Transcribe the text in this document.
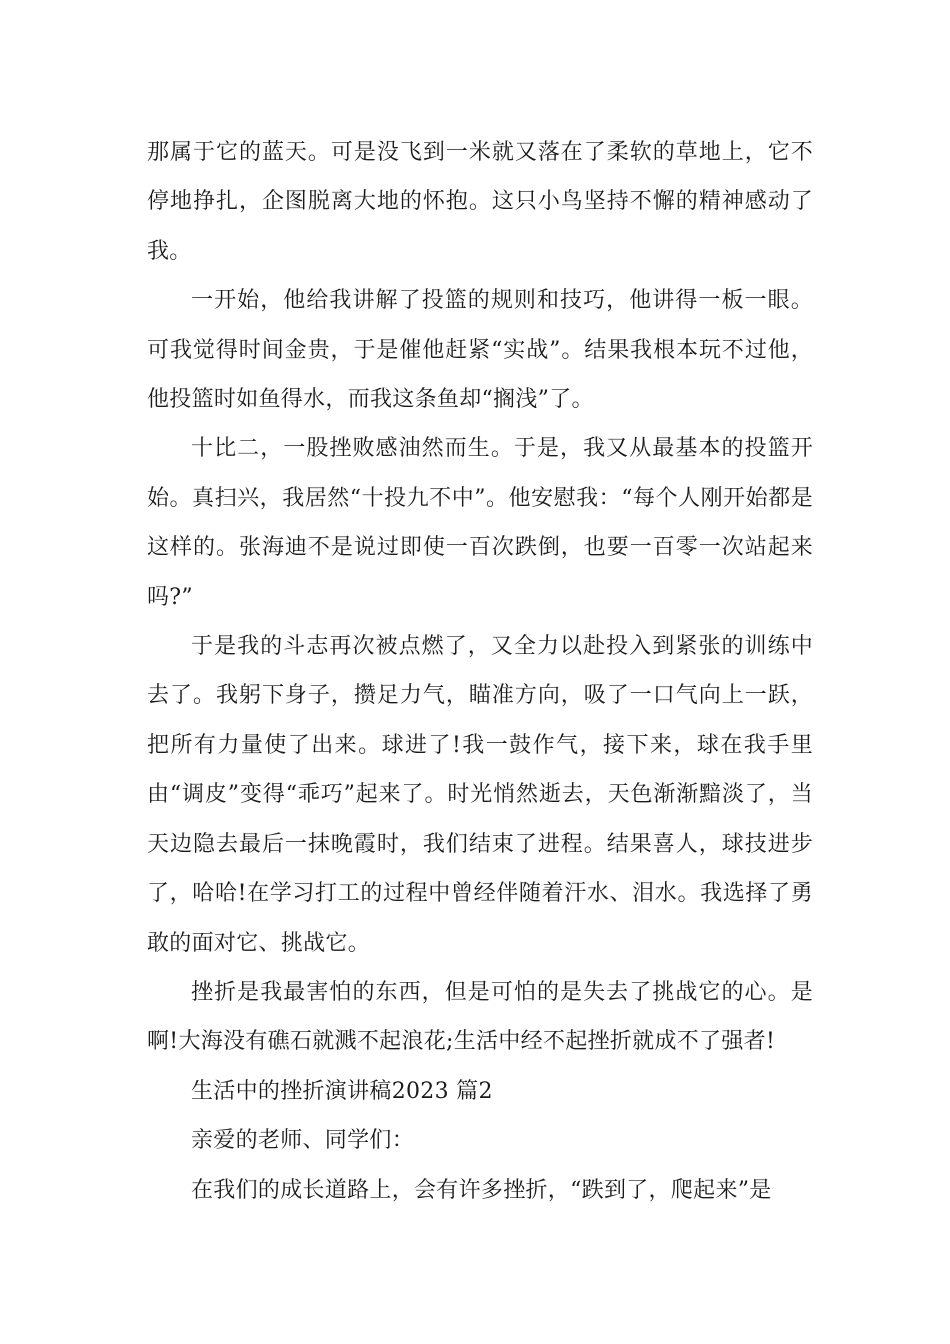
那属于它的蓝天。可是没飞到一米就又落在了柔软的草地上，它不停地挣扎，企图脱离大地的怀抱。这只小鸟坚持不懈的精神感动了我。

一开始，他给我讲解了投篮的规则和技巧，他讲得一板一眼。可我觉得时间金贵，于是催他赶紧“实战”。结果我根本玩不过他，他投篮时如鱼得水，而我这条鱼却“搁浅”了。

十比二，一股挫败感油然而生。于是，我又从最基本的投篮开始。真扫兴，我居然“十投九不中”。他安慰我：“每个人刚开始都是这样的。张海迪不是说过即使一百次跌倒，也要一百零一次站起来吗?”

于是我的斗志再次被点燃了，又全力以赴投入到紧张的训练中去了。我躬下身子，攒足力气，瞄准方向，吸了一口气向上一跃，把所有力量使了出来。球进了!我一鼓作气，接下来，球在我手里由“调皮”变得“乖巧”起来了。时光悄然逝去，天色渐渐黯淡了，当天边隐去最后一抹晚霞时，我们结束了进程。结果喜人，球技进步了，哈哈!在学习打工的过程中曾经伴随着汗水、泪水。我选择了勇敢的面对它、挑战它。

挫折是我最害怕的东西，但是可怕的是失去了挑战它的心。是啊!大海没有礁石就溅不起浪花;生活中经不起挫折就成不了强者!

生活中的挫折演讲稿2023 篇2

亲爱的老师、同学们：

在我们的成长道路上，会有许多挫折，“跌到了，爬起来”是
